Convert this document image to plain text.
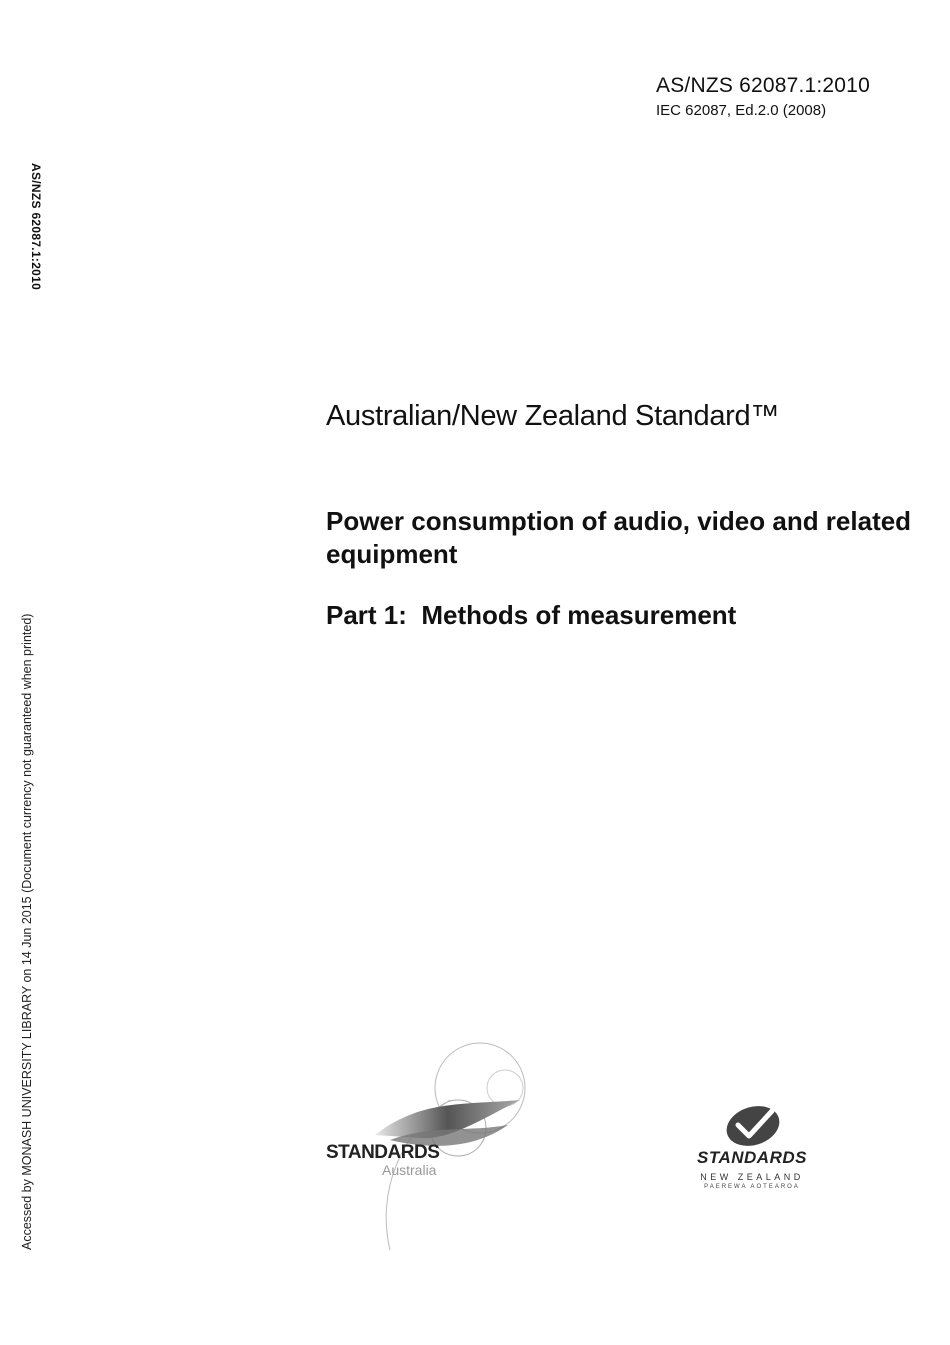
AS/NZS 62087.1:2010
IEC 62087, Ed.2.0 (2008)
AS/NZS 62087.1:2010
Accessed by MONASH UNIVERSITY LIBRARY on 14 Jun 2015 (Document currency not guaranteed when printed)
Australian/New Zealand Standard™
Power consumption of audio, video and related equipment
Part 1:  Methods of measurement
STANDARDS
Australia
STANDARDS
NEW ZEALAND
PAEREWA AOTEAROA
